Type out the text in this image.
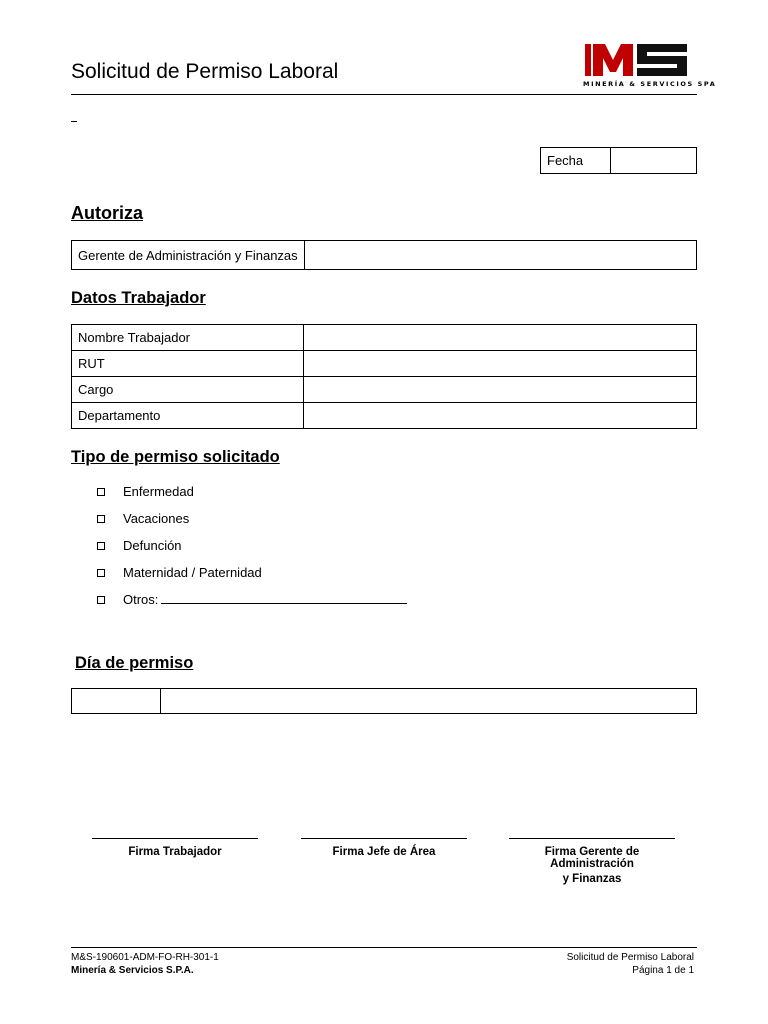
Solicitud de Permiso Laboral
MINERÍA & SERVICIOS SPA
Fecha	
Autoriza
Gerente de Administración y Finanzas	
Datos Trabajador
Nombre Trabajador	
RUT	
Cargo	
Departamento	
Tipo de permiso solicitado
Enfermedad
Vacaciones
Defunción
Maternidad / Paternidad
Otros:
Día de permiso

Firma Trabajador	Firma Jefe de Área	Firma Gerente de Administración
y Finanzas
M&S-190601-ADM-FO-RH-301-1
Minería & Servicios S.P.A.
Solicitud de Permiso Laboral
Página 1 de 1
